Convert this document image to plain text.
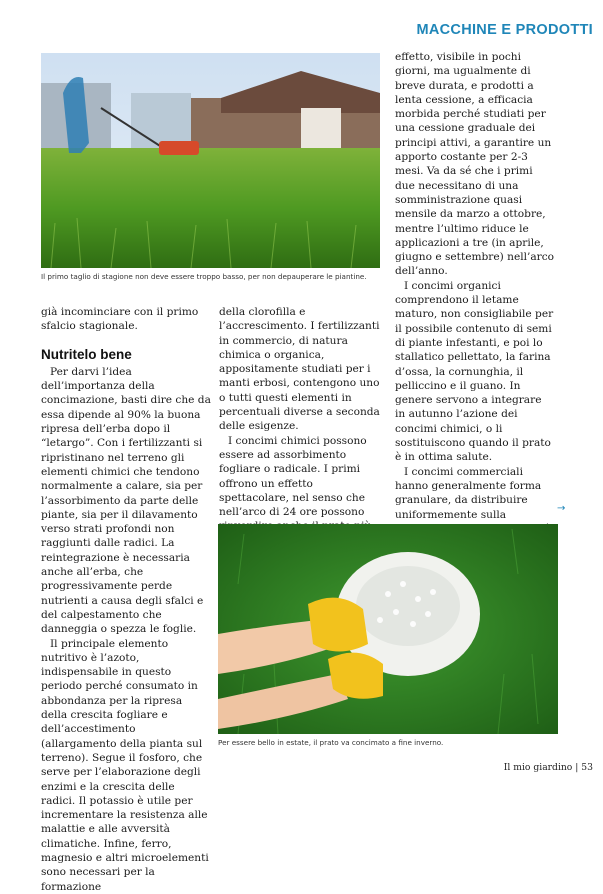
MACCHINE E PRODOTTI
Il primo taglio di stagione non deve essere troppo basso, per non depauperare le piantine.

già incominciare con il primo sfalcio stagionale.

Nutritelo bene

Per darvi l’idea dell’importanza della concimazione, basti dire che da essa dipende al 90% la buona ripresa dell’erba dopo il “letargo”. Con i fertilizzanti si ripristinano nel terreno gli elementi chimici che tendono normalmente a calare, sia per l’assorbimento da parte delle piante, sia per il dilavamento verso strati profondi non raggiunti dalle radici. La reintegrazione è necessaria anche all’erba, che progressivamente perde nutrienti a causa degli sfalci e del calpestamento che danneggia o spezza le foglie.

Il principale elemento nutritivo è l’azoto, indispensabile in questo periodo perché consumato in abbondanza per la ripresa della crescita fogliare e dell’accestimento (allargamento della pianta sul terreno). Segue il fosforo, che serve per l’elaborazione degli enzimi e la crescita delle radici. Il potassio è utile per incrementare la resistenza alle malattie e alle avversità climatiche. Infine, ferro, magnesio e altri microelementi sono necessari per la formazione

della clorofilla e l’accrescimento. I fertilizzanti in commercio, di natura chimica o organica, appositamente studiati per i manti erbosi, contengono uno o tutti questi elementi in percentuali diverse a seconda delle esigenze.

I concimi chimici possono essere ad assorbimento fogliare o radicale. I primi offrono un effetto spettacolare, nel senso che nell’arco di 24 ore possono

effetto, visibile in pochi giorni, ma ugualmente di breve durata, e prodotti a lenta cessione, a efficacia morbida perché studiati per una cessione graduale dei principi attivi, a garantire un apporto costante per 2-3 mesi. Va da sé che i primi due necessitano di una somministrazione quasi mensile da marzo a ottobre, mentre l’ultimo riduce le applicazioni a tre (in aprile, giugno e settembre) nell’arco dell’anno.

I concimi organici comprendono il letame maturo, non consigliabile per il possibile contenuto di semi di piante infestanti, e poi lo stallatico pellettato, la farina d’ossa, la cornunghia, il pelliccino e il guano. In genere servono a integrare in autunno l’azione dei concimi chimici, o li sostituiscono quando il prato è in ottima salute.

I concimi commerciali hanno generalmente forma granulare, da distribuire uniformemente sulla	→
Per essere bello in estate, il prato va concimato a fine inverno.
Il mio giardino | 53
